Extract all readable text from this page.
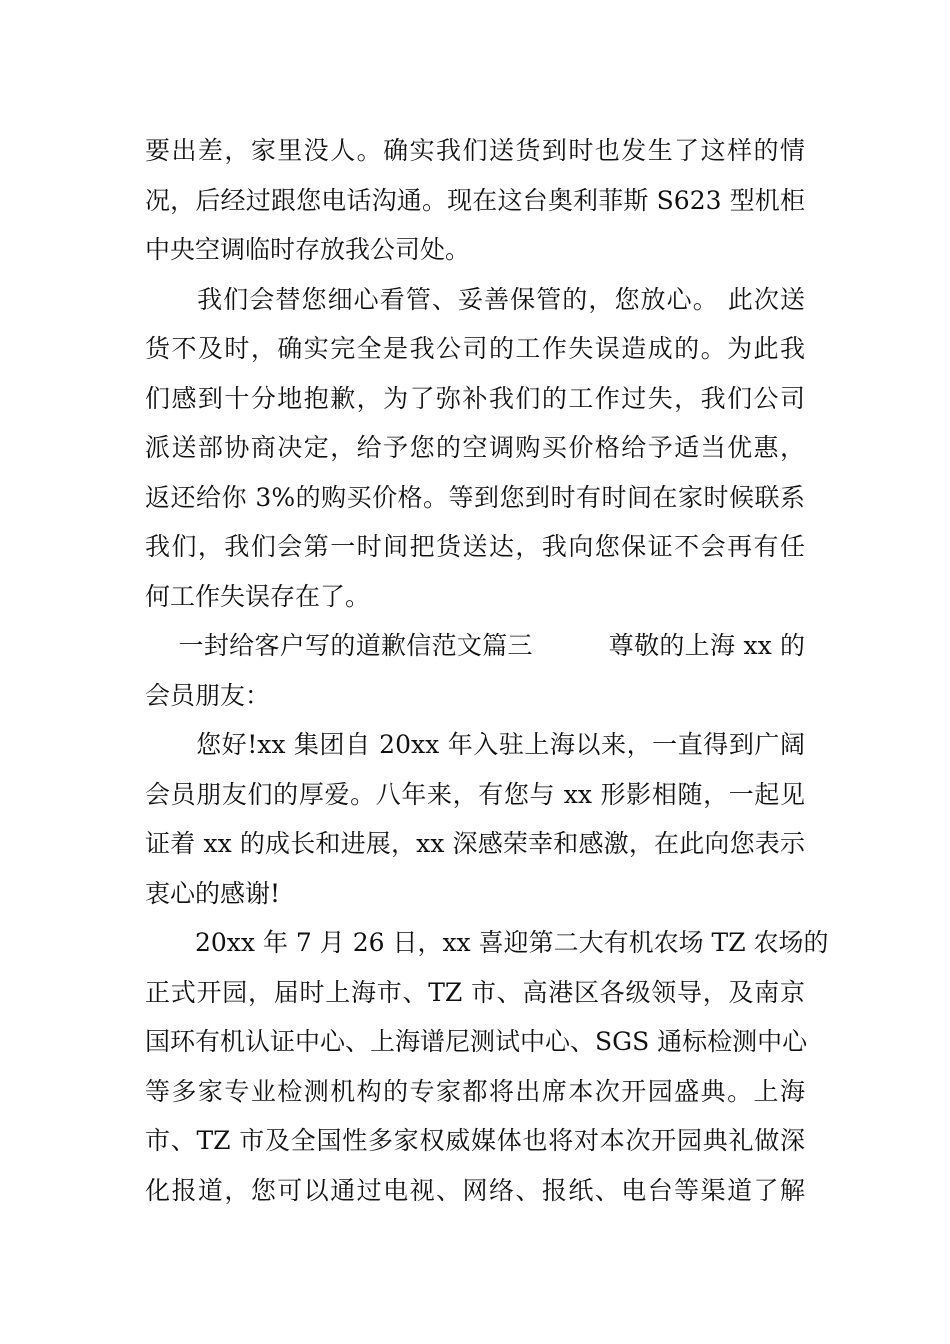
要出差，家里没人。确实我们送货到时也发生了这样的情
况，后经过跟您电话沟通。现在这台奥利菲斯 S623 型机柜
中央空调临时存放我公司处。
　　我们会替您细心看管、妥善保管的，您放心。 此次送
货不及时，确实完全是我公司的工作失误造成的。为此我
们感到十分地抱歉，为了弥补我们的工作过失，我们公司
派送部协商决定，给予您的空调购买价格给予适当优惠，
返还给你 3%的购买价格。等到您到时有时间在家时候联系
我们，我们会第一时间把货送达，我向您保证不会再有任
何工作失误存在了。
　 一封给客户写的道歉信范文篇三　　　尊敬的上海 xx 的
会员朋友：
　　您好!xx 集团自 20xx 年入驻上海以来，一直得到广阔
会员朋友们的厚爱。八年来，有您与 xx 形影相随，一起见
证着 xx 的成长和进展，xx 深感荣幸和感激，在此向您表示
衷心的感谢!
　　20xx 年 7 月 26 日，xx 喜迎第二大有机农场 TZ 农场的
正式开园，届时上海市、TZ 市、高港区各级领导，及南京
国环有机认证中心、上海谱尼测试中心、SGS 通标检测中心
等多家专业检测机构的专家都将出席本次开园盛典。上海
市、TZ 市及全国性多家权威媒体也将对本次开园典礼做深
化报道，您可以通过电视、网络、报纸、电台等渠道了解
